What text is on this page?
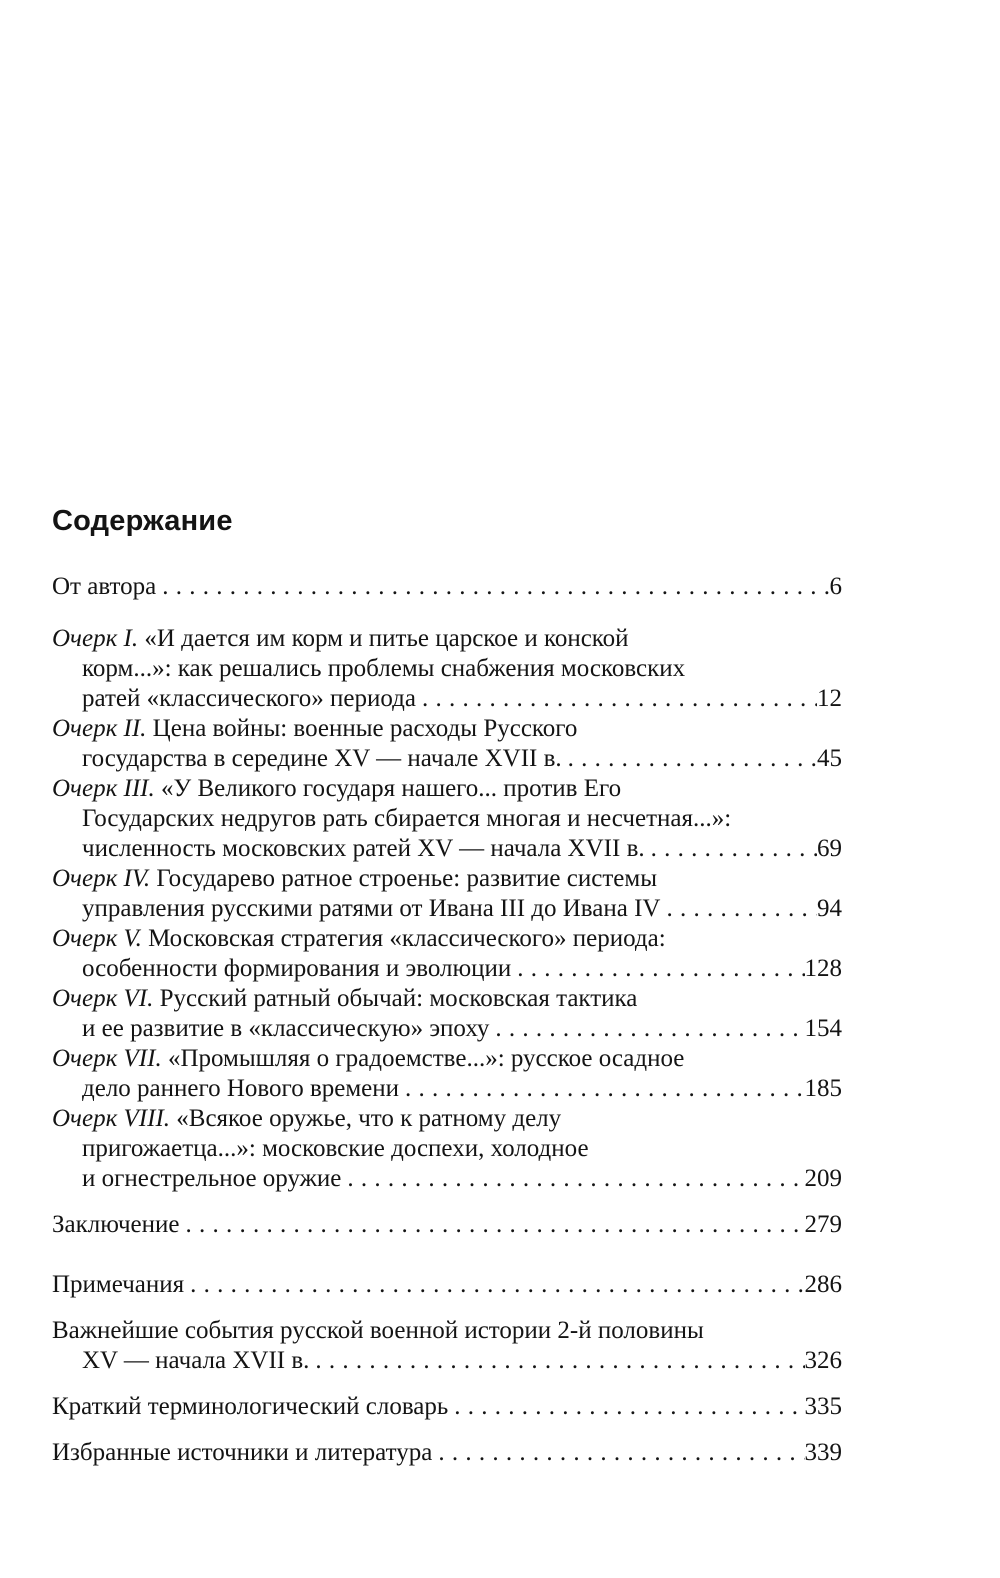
Содержание
От автора . . .	6
Очерк I. «И дается им корм и питье царское и конской
корм...»: как решались проблемы снабжения московских
ратей «классического» периода . . .	12
Очерк II. Цена войны: военные расходы Русского
государства в середине XV — начале XVII в. . . .	45
Очерк III. «У Великого государя нашего... против Его
Государских недругов рать сбирается многая и несчетная...»:
численность московских ратей XV — начала XVII в. . . .	69
Очерк IV. Государево ратное строенье: развитие системы
управления русскими ратями от Ивана III до Ивана IV . . .	94
Очерк V. Московская стратегия «классического» периода:
особенности формирования и эволюции . . .	128
Очерк VI. Русский ратный обычай: московская тактика
и ее развитие в «классическую» эпоху . . .	154
Очерк VII. «Промышляя о градоемстве...»: русское осадное
дело раннего Нового времени . . .	185
Очерк VIII. «Всякое оружье, что к ратному делу
пригожаетца...»: московские доспехи, холодное
и огнестрельное оружие . . .	209
Заключение . . .	279
Примечания . . .	286
Важнейшие события русской военной истории 2-й половины
XV — начала XVII в. . . .	326
Краткий терминологический словарь . . .	335
Избранные источники и литература . . .	339
